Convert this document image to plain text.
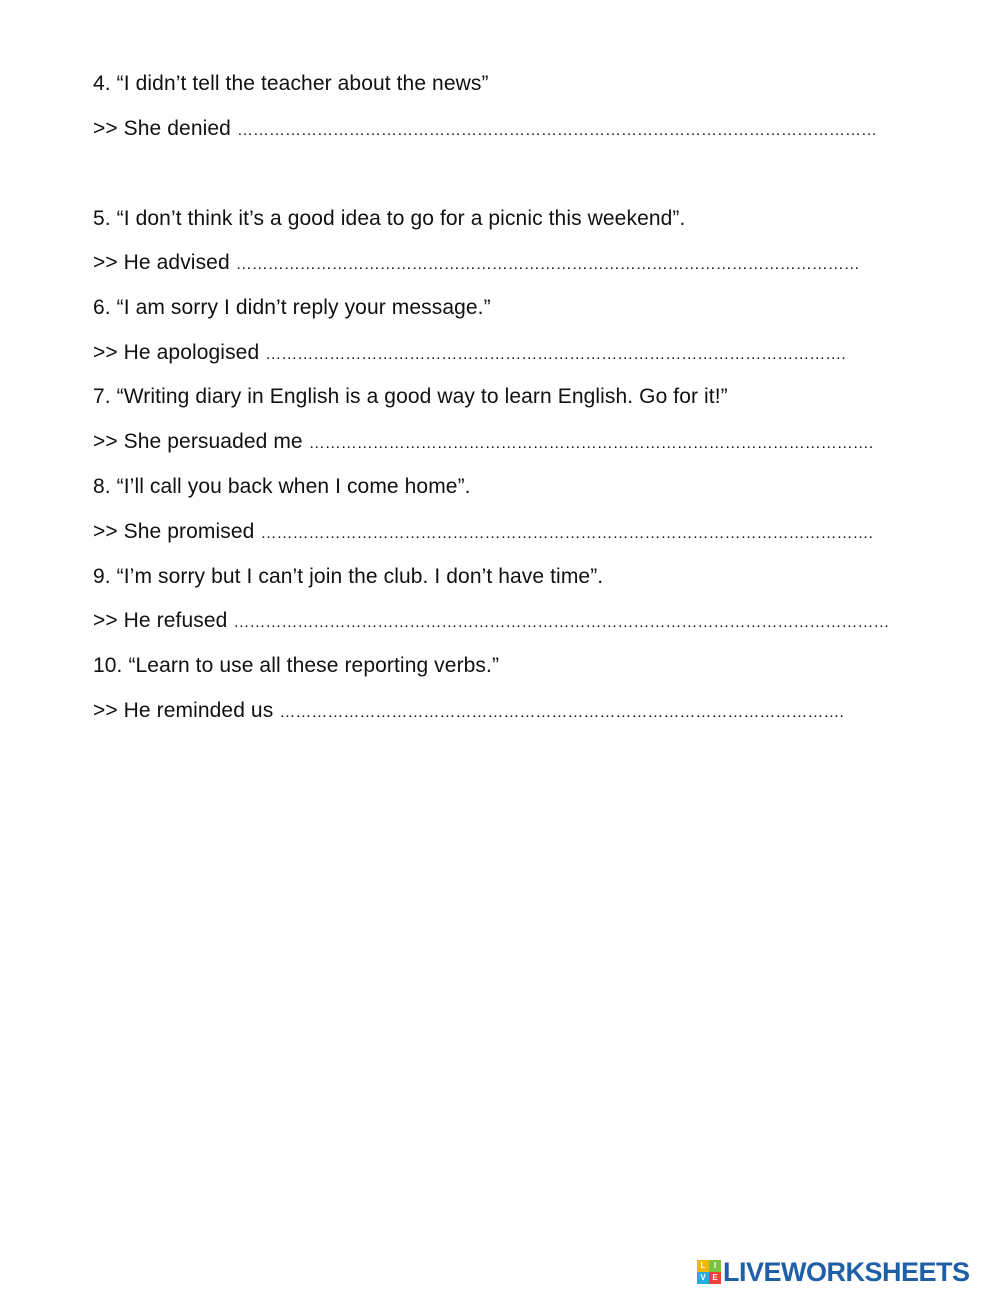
4. “I didn’t tell the teacher about the news”
>> She denied …………………………………………………………………………………………………………
5. “I don’t think it’s a good idea to go for a picnic this weekend”.
>> He advised ………………………………………………………………………………………………………
6. “I am sorry I didn’t reply your message.”
>> He apologised ……………………………………………………………………………………………….
7. “Writing diary in English is a good way to learn English. Go for it!”
>> She persuaded me …………………………………………………………………………………………….
8. “I’ll call you back when I come home”.
>> She promised …………………………………………………………………………………………………….
9. “I’m sorry but I can’t join the club. I don’t have time”.
>> He refused ……………………………………………………………………………………………………………
10. “Learn to use all these reporting verbs.”
>> He reminded us …………………………………………………………………………………………….
L	I
V E LIVEWORKSHEETS
